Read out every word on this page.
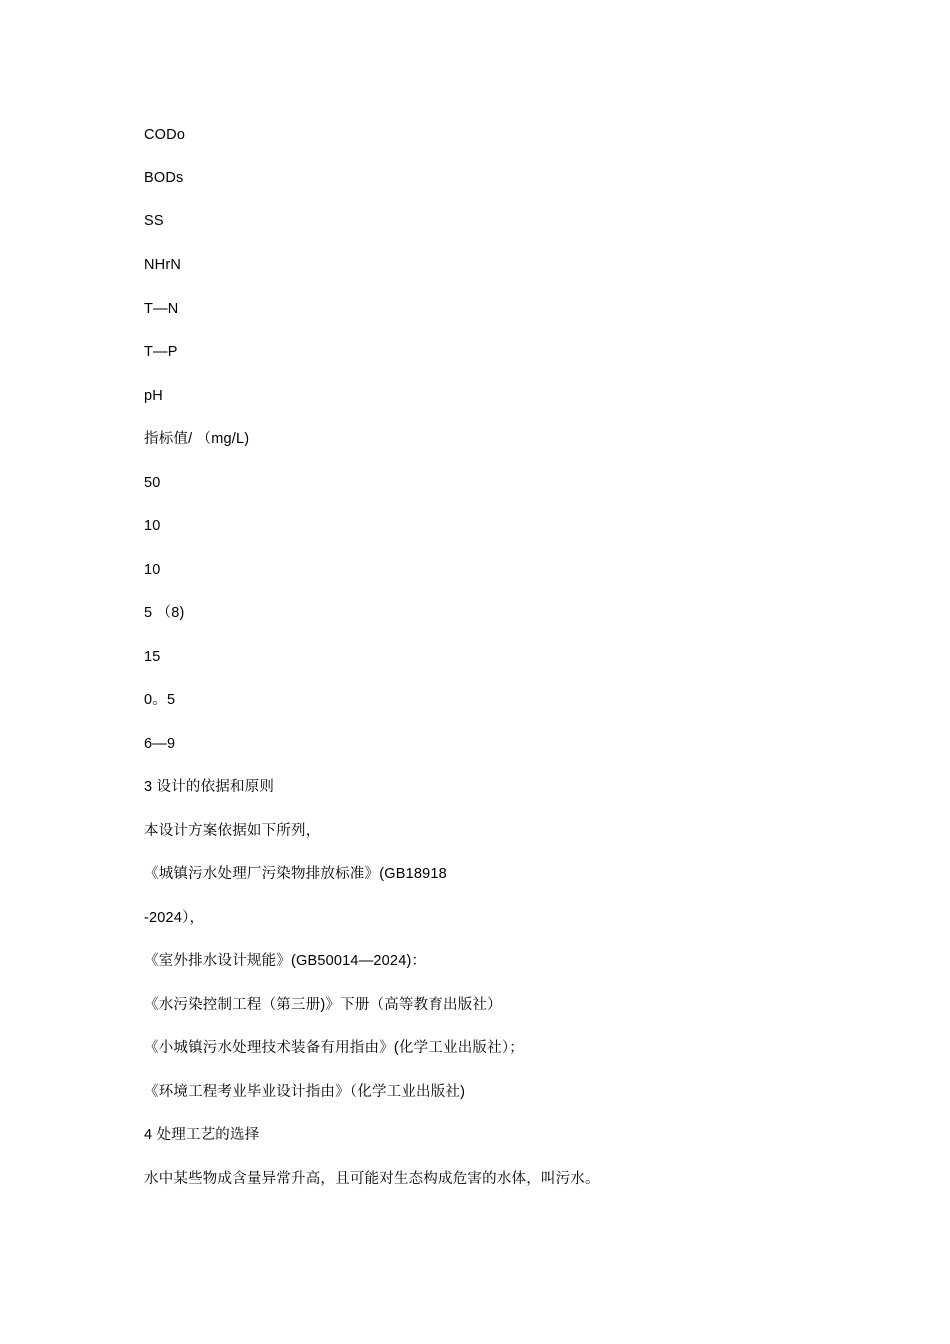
CODo
BODs
SS
NHrN
T—N
T—P
pH
指标值/ （mg/L)
50
10
10
5 （8)
15
0。5
6—9
3 设计的依据和原则
本设计方案依据如下所列，
《城镇污水处理厂污染物排放标准》(GB18918
-2024），
《室外排水设计规能》(GB50014—2024)：
《水污染控制工程（第三册)》下册（高等教育出版社）
《小城镇污水处理技术装备有用指由》(化学工业出版社）；
《环境工程考业毕业设计指由》（化学工业出版社)
4 处理工艺的选择
水中某些物成含量异常升高，且可能对生态构成危害的水体，叫污水。
